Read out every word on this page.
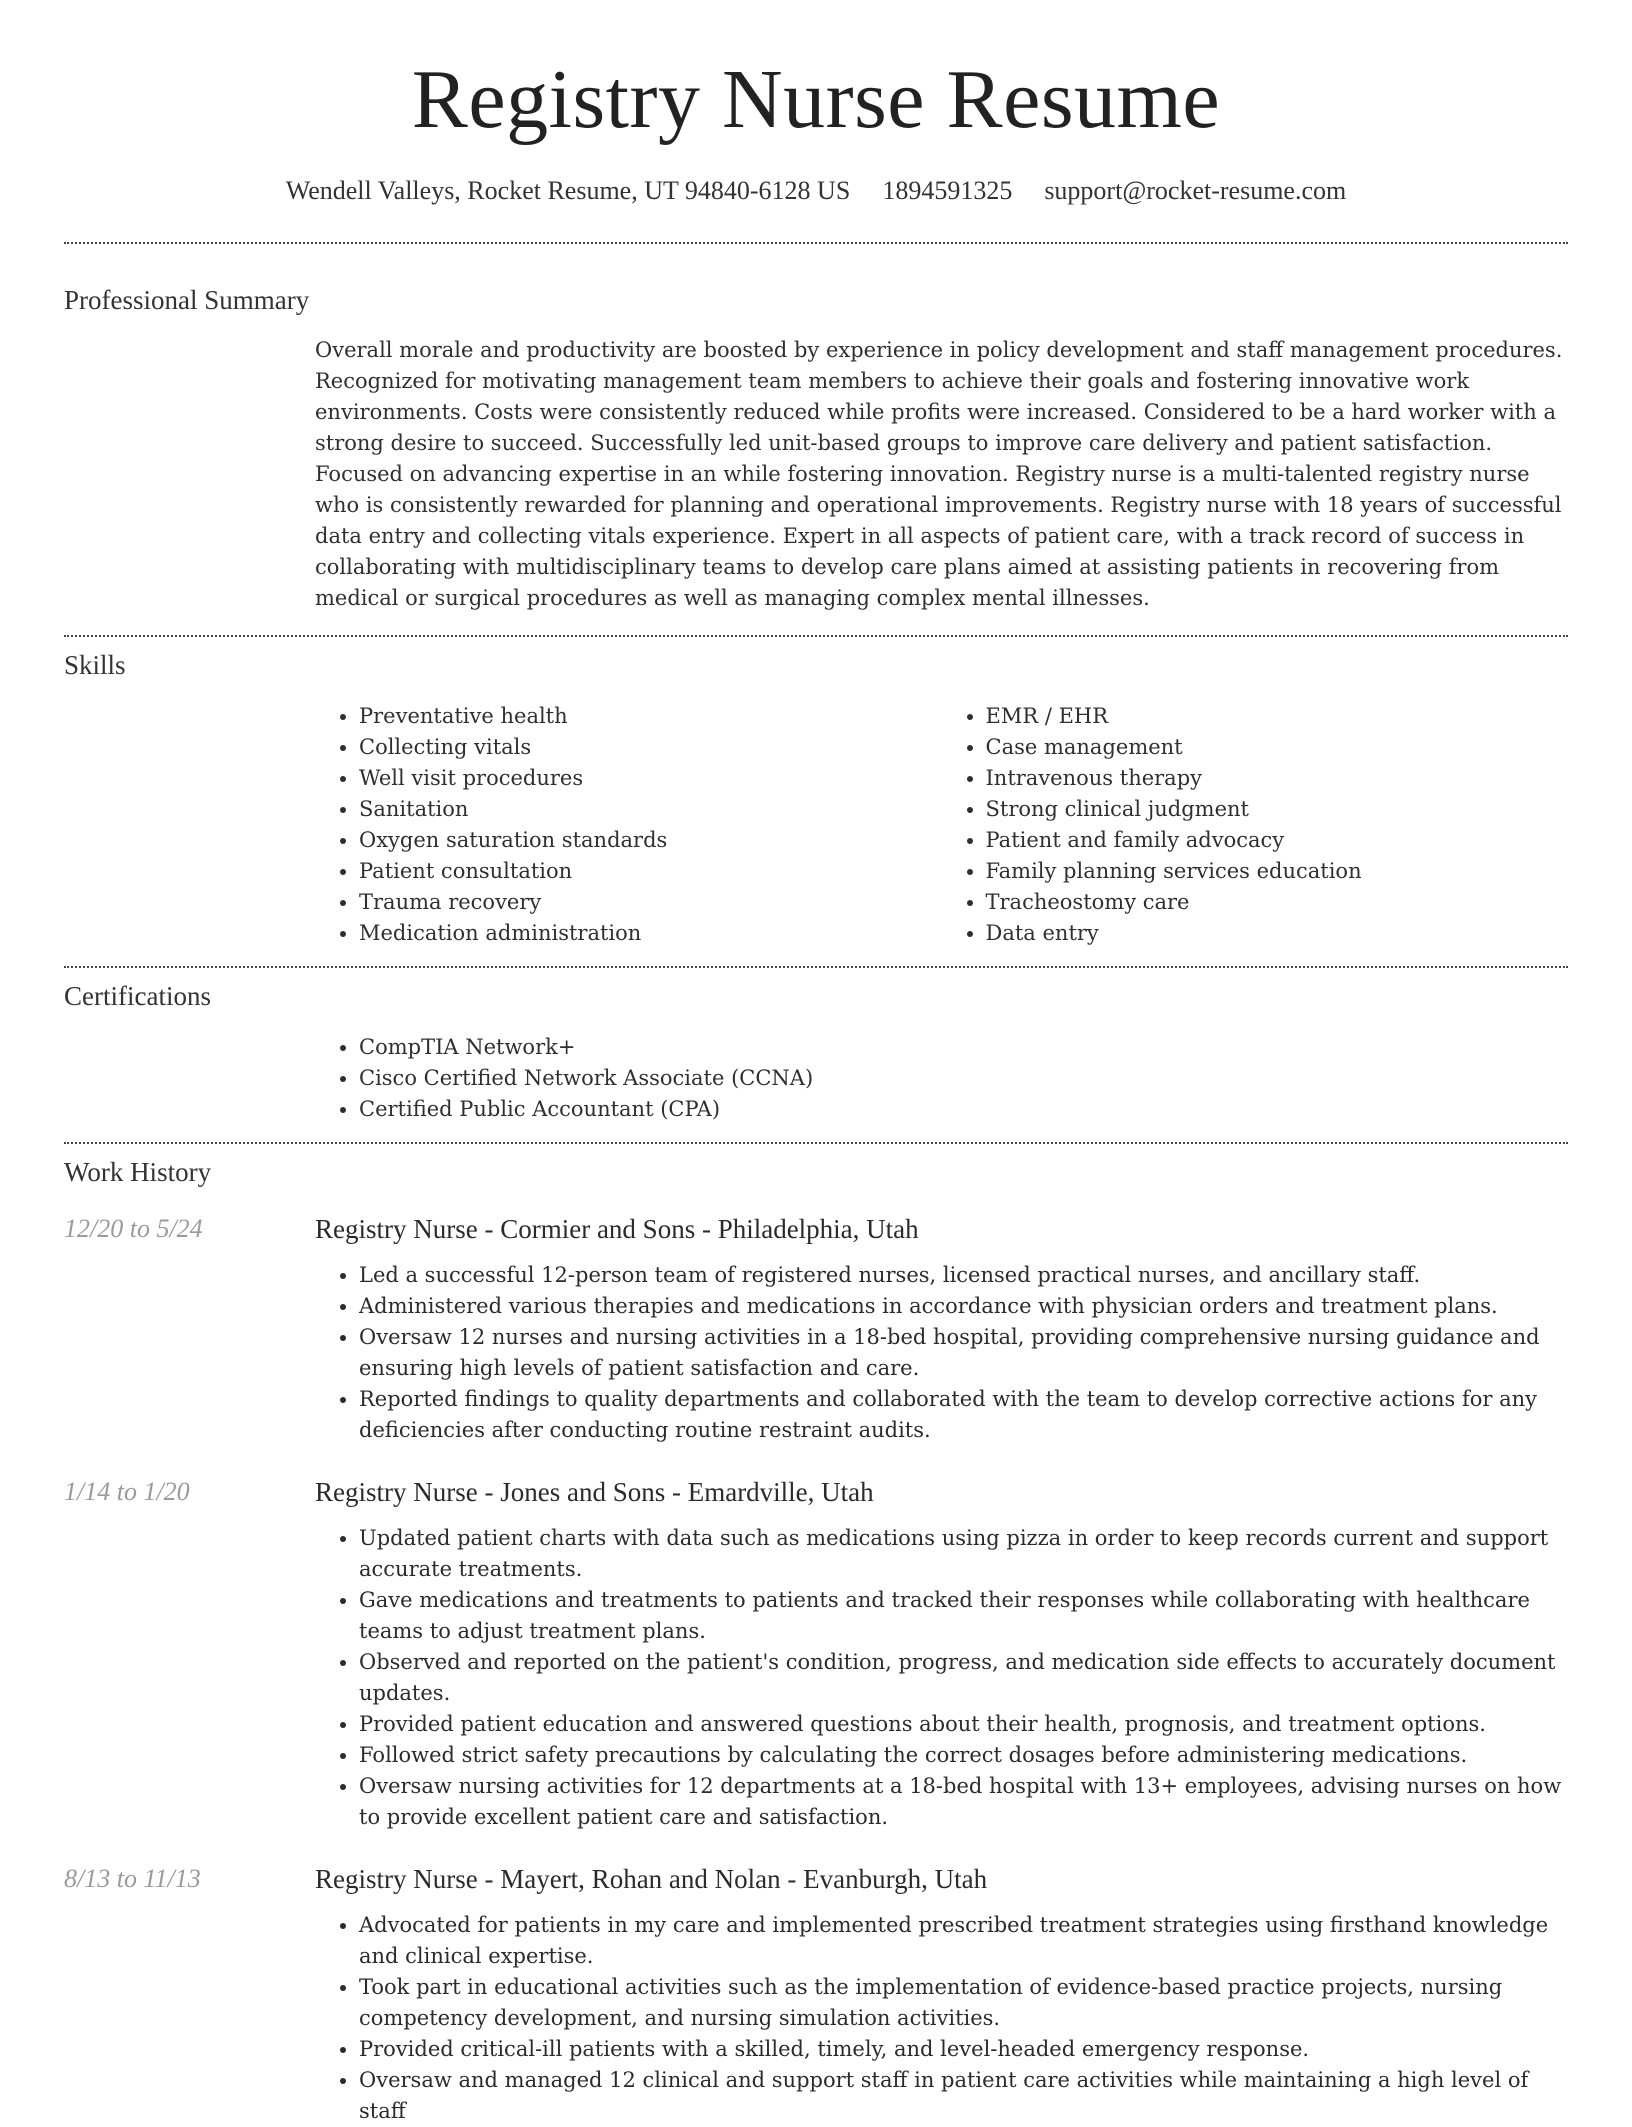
Registry Nurse Resume
Wendell Valleys, Rocket Resume, UT 94840-6128 US 1894591325 support@rocket-resume.com
Professional Summary

Overall morale and productivity are boosted by experience in policy development and staff management procedures. Recognized for motivating management team members to achieve their goals and fostering innovative work environments. Costs were consistently reduced while profits were increased. Considered to be a hard worker with a strong desire to succeed. Successfully led unit-based groups to improve care delivery and patient satisfaction. Focused on advancing expertise in an while fostering innovation. Registry nurse is a multi-talented registry nurse who is consistently rewarded for planning and operational improvements. Registry nurse with 18 years of successful data entry and collecting vitals experience. Expert in all aspects of patient care, with a track record of success in collaborating with multidisciplinary teams to develop care plans aimed at assisting patients in recovering from medical or surgical procedures as well as managing complex mental illnesses.

Skills
• Preventative health
• Collecting vitals
• Well visit procedures
• Sanitation
• Oxygen saturation standards
• Patient consultation
• Trauma recovery
• Medication administration
• EMR / EHR
• Case management
• Intravenous therapy
• Strong clinical judgment
• Patient and family advocacy
• Family planning services education
• Tracheostomy care
• Data entry
Certifications
• CompTIA Network+
• Cisco Certified Network Associate (CCNA)
• Certified Public Accountant (CPA)
Work History
12/20 to 5/24	Registry Nurse - Cormier and Sons - Philadelphia, Utah
• Led a successful 12-person team of registered nurses, licensed practical nurses, and ancillary staff.
• Administered various therapies and medications in accordance with physician orders and treatment plans.
• Oversaw 12 nurses and nursing activities in a 18-bed hospital, providing comprehensive nursing guidance and ensuring high levels of patient satisfaction and care.
• Reported findings to quality departments and collaborated with the team to develop corrective actions for any deficiencies after conducting routine restraint audits.
1/14 to 1/20	Registry Nurse - Jones and Sons - Emardville, Utah
• Updated patient charts with data such as medications using pizza in order to keep records current and support accurate treatments.
• Gave medications and treatments to patients and tracked their responses while collaborating with healthcare teams to adjust treatment plans.
• Observed and reported on the patient's condition, progress, and medication side effects to accurately document updates.
• Provided patient education and answered questions about their health, prognosis, and treatment options.
• Followed strict safety precautions by calculating the correct dosages before administering medications.
• Oversaw nursing activities for 12 departments at a 18-bed hospital with 13+ employees, advising nurses on how to provide excellent patient care and satisfaction.
8/13 to 11/13	Registry Nurse - Mayert, Rohan and Nolan - Evanburgh, Utah
• Advocated for patients in my care and implemented prescribed treatment strategies using firsthand knowledge and clinical expertise.
• Took part in educational activities such as the implementation of evidence-based practice projects, nursing competency development, and nursing simulation activities.
• Provided critical-ill patients with a skilled, timely, and level-headed emergency response.
• Oversaw and managed 12 clinical and support staff in patient care activities while maintaining a high level of staff
